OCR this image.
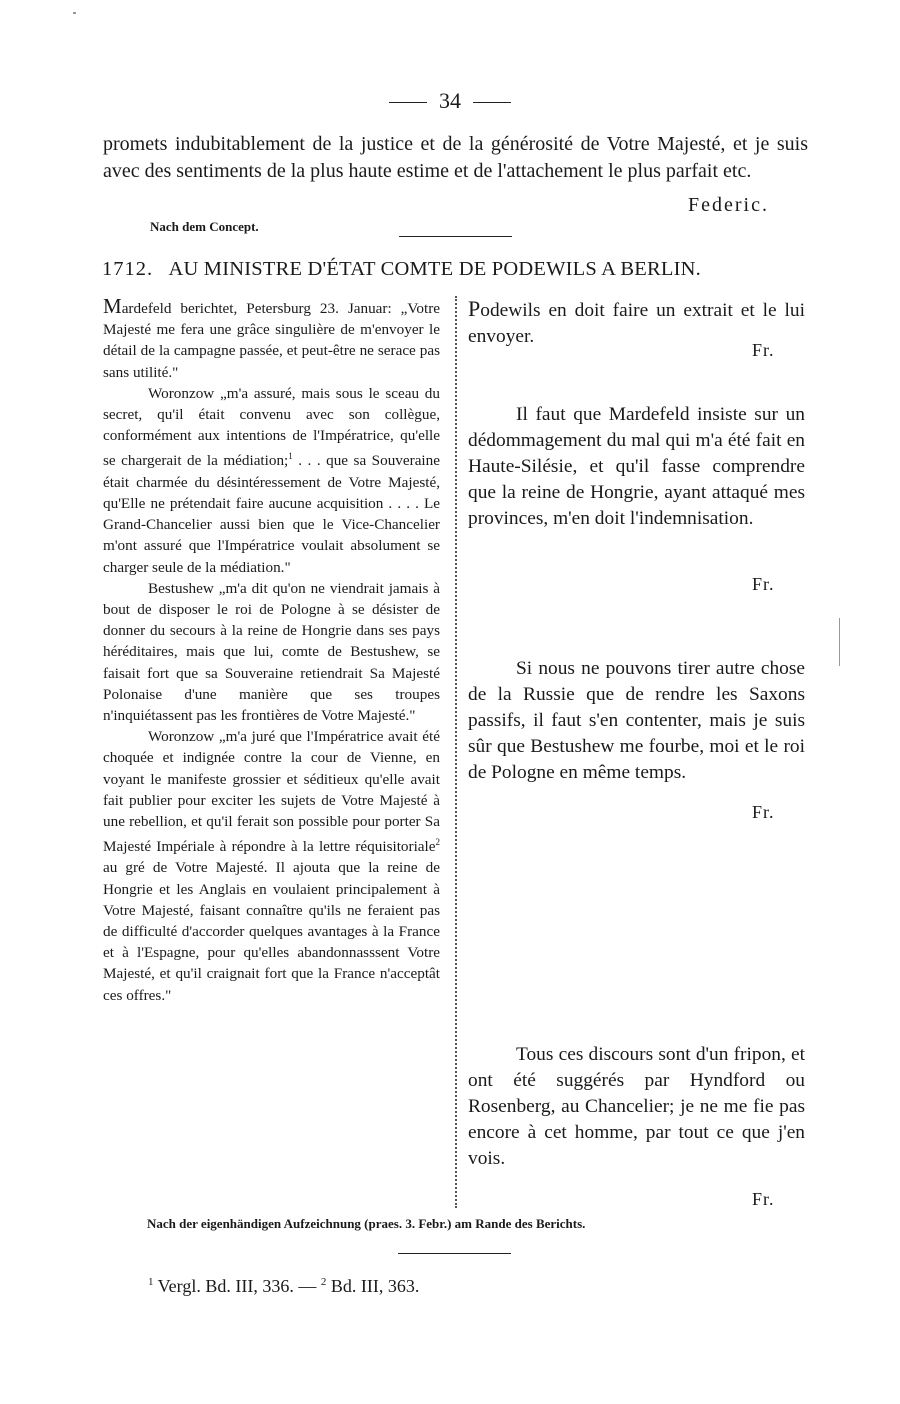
34
promets indubitablement de la justice et de la générosité de Votre Majesté, et je suis avec des sentiments de la plus haute estime et de l'attachement le plus parfait etc.
Federic.
Nach dem Concept.
1712. AU MINISTRE D'ÉTAT COMTE DE PODEWILS A BERLIN.

Mardefeld berichtet, Petersburg 23. Januar: „Votre Majesté me fera une grâce singulière de m'envoyer le détail de la campagne passée, et peut-être ne serace pas sans utilité."

Woronzow „m'a assuré, mais sous le sceau du secret, qu'il était convenu avec son collègue, conformément aux intentions de l'Impératrice, qu'elle se chargerait de la médiation;$^1$ . . . que sa Souveraine était charmée du désintéressement de Votre Majesté, qu'Elle ne prétendait faire aucune acquisition . . . . Le Grand-Chancelier aussi bien que le Vice-Chancelier m'ont assuré que l'Impératrice voulait absolument se charger seule de la médiation."

Bestushew „m'a dit qu'on ne viendrait jamais à bout de disposer le roi de Pologne à se désister de donner du secours à la reine de Hongrie dans ses pays héréditaires, mais que lui, comte de Bestushew, se faisait fort que sa Souveraine retiendrait Sa Majesté Polonaise d'une manière que ses troupes n'inquiétassent pas les frontières de Votre Majesté."

Woronzow „m'a juré que l'Impératrice avait été choquée et indignée contre la cour de Vienne, en voyant le manifeste grossier et séditieux qu'elle avait fait publier pour exciter les sujets de Votre Majesté à une rebellion, et qu'il ferait son possible pour porter Sa Majesté Impériale à répondre à la lettre réquisitoriale$^2$ au gré de Votre Majesté. Il ajouta que la reine de Hongrie et les Anglais en voulaient principalement à Votre Majesté, faisant connaître qu'ils ne feraient pas de difficulté d'accorder quelques avantages à la France et à l'Espagne, pour qu'elles abandonnasssent Votre Majesté, et qu'il craignait fort que la France n'acceptât ces offres."

Podewils en doit faire un extrait et le lui envoyer.

Fr.

Il faut que Mardefeld insiste sur un dédommagement du mal qui m'a été fait en Haute-Silésie, et qu'il fasse comprendre que la reine de Hongrie, ayant attaqué mes provinces, m'en doit l'indemnisation.

Fr.

Si nous ne pouvons tirer autre chose de la Russie que de rendre les Saxons passifs, il faut s'en contenter, mais je suis sûr que Bestushew me fourbe, moi et le roi de Pologne en même temps.

Fr.

Tous ces discours sont d'un fripon, et ont été suggérés par Hyndford ou Rosenberg, au Chancelier; je ne me fie pas encore à cet homme, par tout ce que j'en vois.

Fr.
Nach der eigenhändigen Aufzeichnung (praes. 3. Febr.) am Rande des Berichts.
$^1$ Vergl. Bd. III, 336. — $^2$ Bd. III, 363.
